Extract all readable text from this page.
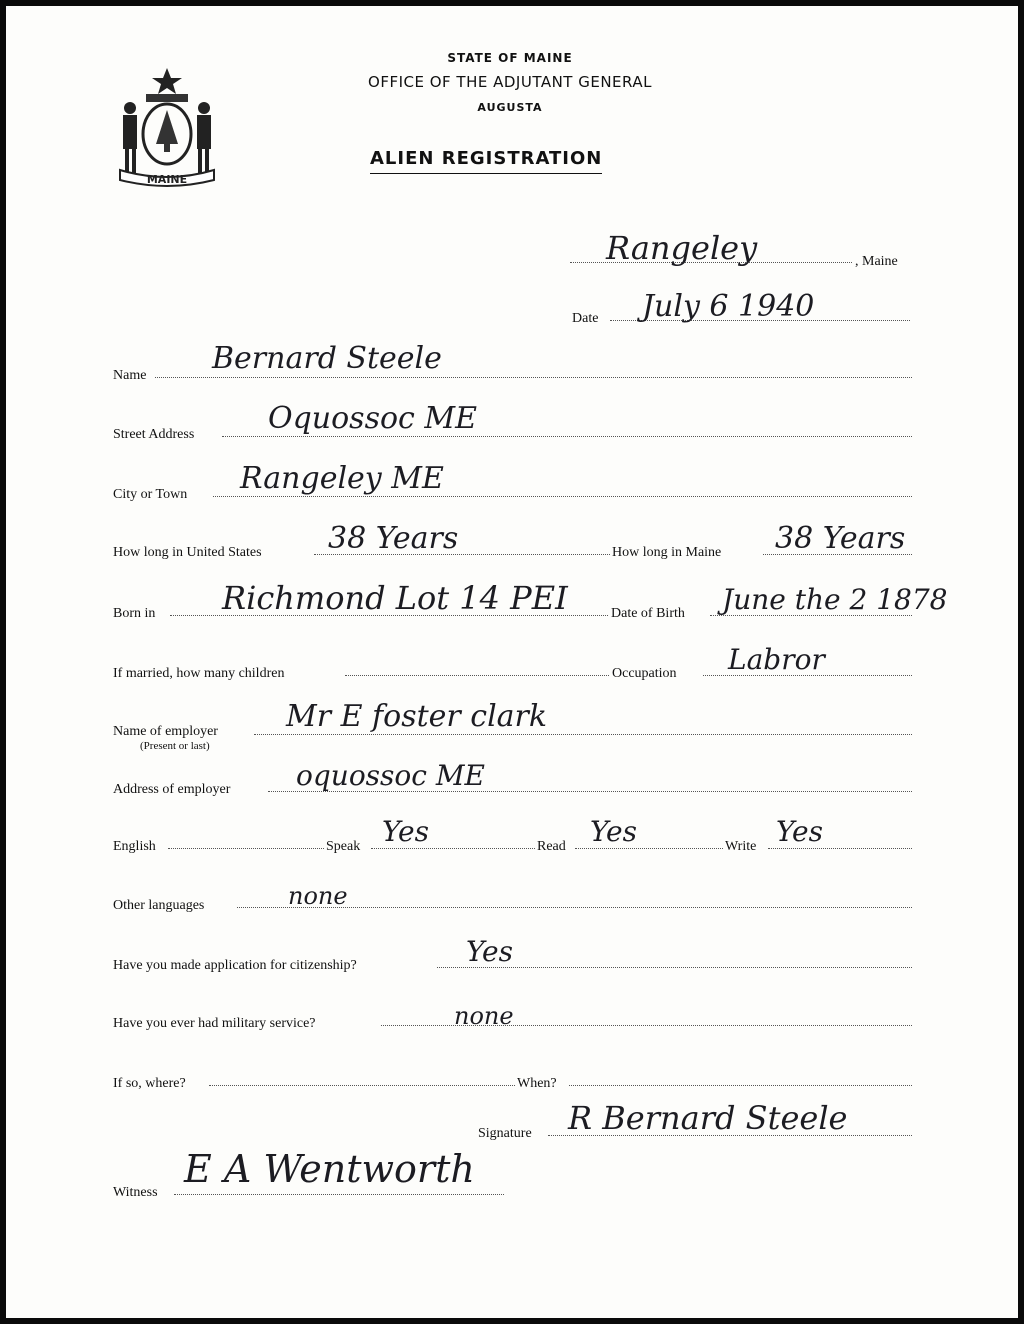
MAINE
STATE OF MAINE
OFFICE OF THE ADJUTANT GENERAL
AUGUSTA
ALIEN REGISTRATION
Rangeley	, Maine
Date July 6 1940
Name Bernard Steele
Street Address Oquossoc ME
City or Town Rangeley ME
How long in United States 38 Years	How long in Maine 38 Years
Born in Richmond Lot 14 PEI	Date of Birth June the 2 1878
If married, how many children	Occupation Labror
Name of employer
(Present or last)
Mr E foster clark
Address of employer oquossoc ME
English	Speak Yes	Read Yes	Write Yes
Other languages	none
Have you made application for citizenship?	Yes
Have you ever had military service?	none
If so, where?	When?
Signature R Bernard Steele
Witness
E A Wentworth
